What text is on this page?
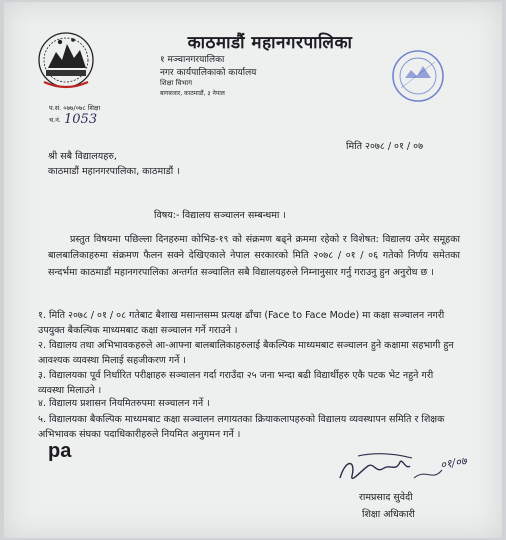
काठमाडौं महानगरपालिका
१ मञ्चानगरयालिका
नगर कार्यपालिकाको कार्यालय
शिक्षा विभाग
बागबजार, काठमाडौं, ३ नेपाल
प.सं. ०७७/०७८ शिक्षा
च.नं. 1053
मिति २०७८ / ०१ / ०७
श्री सबै विद्यालयहरु,
काठमाडौं महानगरपालिका, काठमाडौं ।
विषय:- विद्यालय सञ्चालन सम्बन्धमा ।
प्रस्तुत विषयमा पछिल्ला दिनहरुमा कोभिड-१९ को संक्रमण बढ्ने क्रममा रहेको र विशेषत: विद्यालय उमेर समूहका बालबालिकाहरुमा संक्रमण फैलन सक्ने देखिएकाले नेपाल सरकारको मिति २०७८ / ०१ / ०६ गतेको निर्णय समेतका सन्दर्भमा काठमाडौं महानगरपालिका अन्तर्गत सञ्चालित सबै विद्यालयहरुले निम्नानुसार गर्नु गराउनु हुन अनुरोध छ ।
१. मिति २०७८ / ०१ / ०८ गतेबाट बैशाख मसान्तसम्म प्रत्यक्ष ढाँचा (Face to Face Mode) मा कक्षा सञ्चालन नगरी उपयुक्त बैकल्पिक माध्यमबाट कक्षा सञ्चालन गर्ने गराउने ।
२. विद्यालय तथा अभिभावकहरुले आ-आफ्ना बालबालिकाहरुलाई बैकल्पिक माध्यमबाट सञ्चालन हुने कक्षामा सहभागी हुन आवश्यक व्यवस्था मिलाई सहजीकरण गर्ने ।
३. विद्यालयका पूर्व निर्धारित परीक्षाहरु सञ्चालन गर्दा गराउँदा २५ जना भन्दा बढी विद्यार्थीहरु एकै पटक भेट नहुने गरी व्यवस्था मिलाउने ।
४. विद्यालय प्रशासन नियमितरुपमा सञ्चालन गर्ने ।
५. विद्यालयका बैकल्पिक माध्यमबाट कक्षा सञ्चालन लगायतका क्रियाकलापहरुको विद्यालय व्यवस्थापन समिति र शिक्षक अभिभावक संघका पदाधिकारीहरुले नियमित अनुगमन गर्ने ।
pa
०१/०७
रामप्रसाद सुवेदी
शिक्षा अधिकारी
